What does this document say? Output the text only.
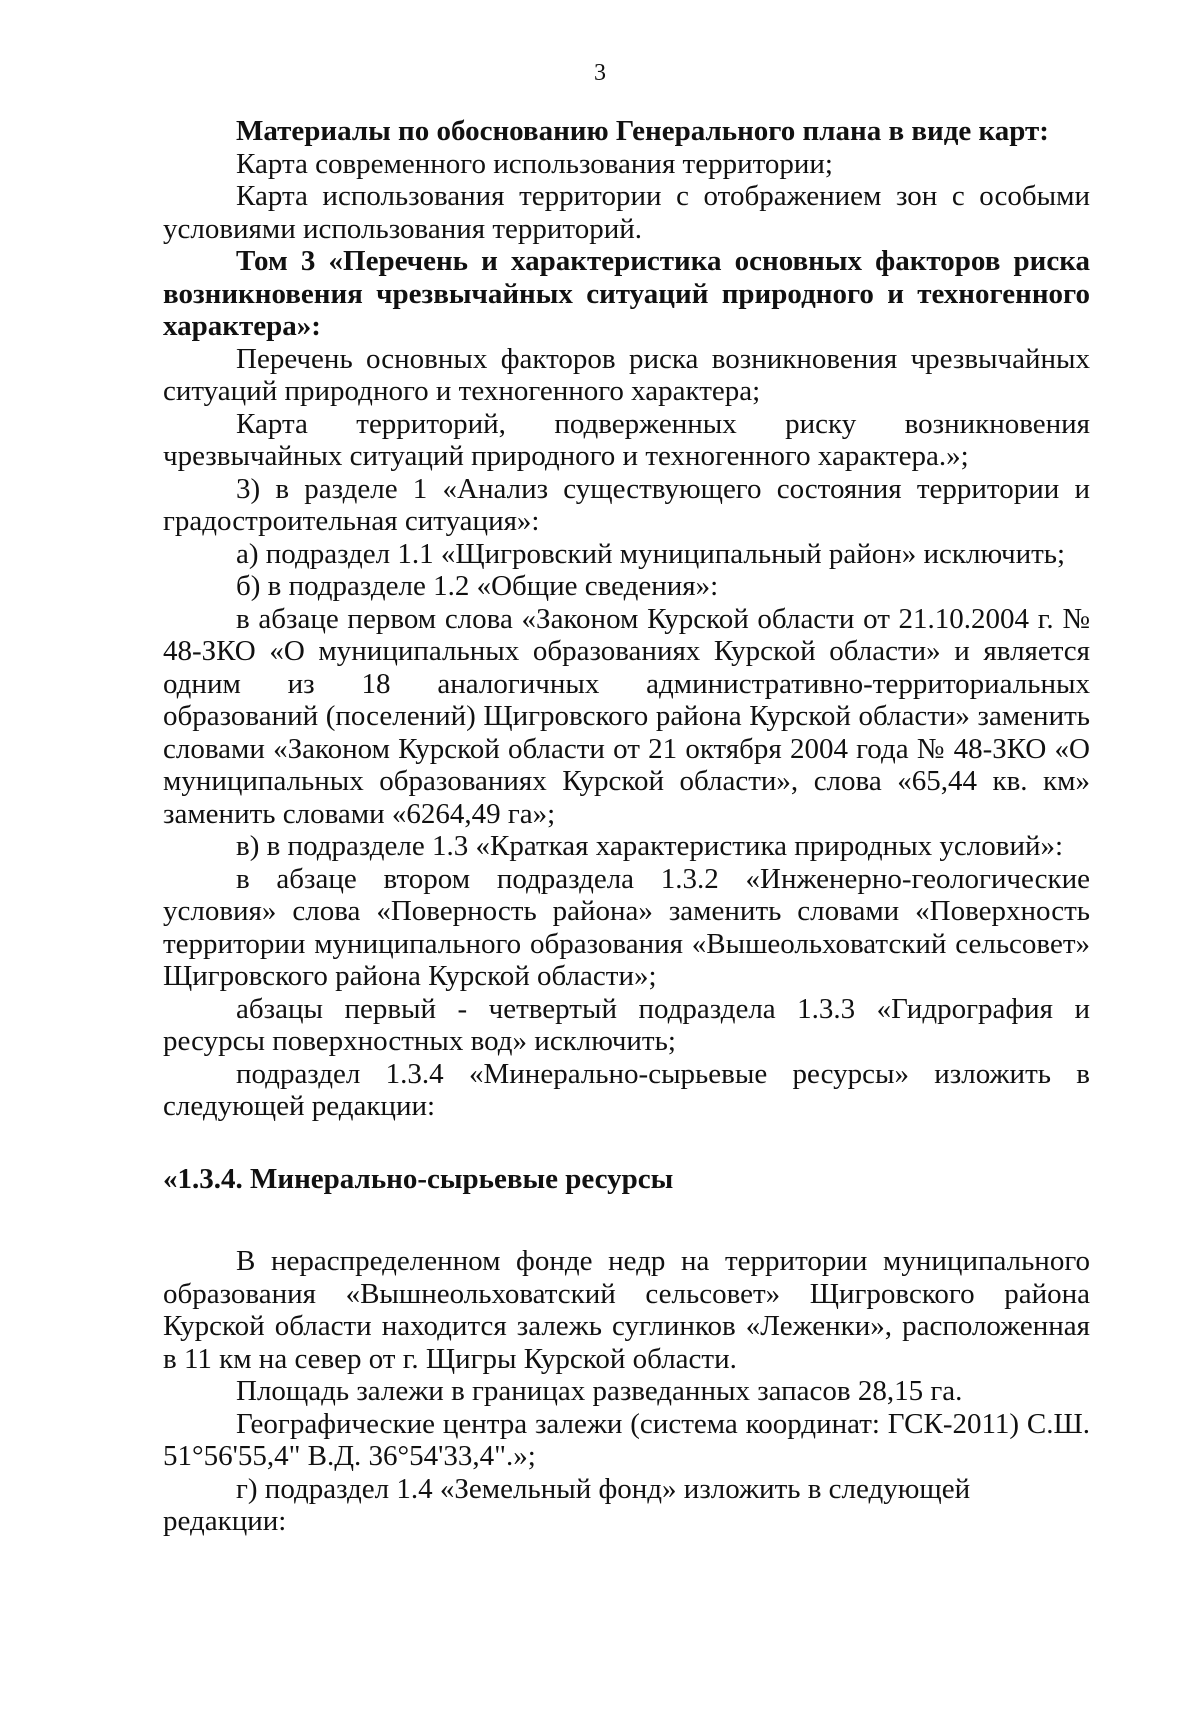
3

Материалы по обоснованию Генерального плана в виде карт:

Карта современного использования территории;

Карта использования территории с отображением зон с особыми условиями использования территорий.

Том 3 «Перечень и характеристика основных факторов риска возникновения чрезвычайных ситуаций природного и техногенного характера»:

Перечень основных факторов риска возникновения чрезвычайных ситуаций природного и техногенного характера;

Карта территорий, подверженных риску возникновения чрезвычайных ситуаций природного и техногенного характера.»;

3) в разделе 1 «Анализ существующего состояния территории и градостроительная ситуация»:

а) подраздел 1.1 «Щигровский муниципальный район» исключить;

б) в подразделе 1.2 «Общие сведения»:

в абзаце первом слова «Законом Курской области от 21.10.2004 г. № 48-ЗКО «О муниципальных образованиях Курской области» и является одним из 18 аналогичных административно-территориальных образований (поселений) Щигровского района Курской области» заменить словами «Законом Курской области от 21 октября 2004 года № 48-ЗКО «О муниципальных образованиях Курской области», слова «65,44 кв. км» заменить словами «6264,49 га»;

в) в подразделе 1.3 «Краткая характеристика природных условий»:

в абзаце втором подраздела 1.3.2 «Инженерно-геологические условия» слова «Поверность района» заменить словами «Поверхность территории муниципального образования «Вышеольховатский сельсовет» Щигровского района Курской области»;

абзацы первый - четвертый подраздела 1.3.3 «Гидрография и ресурсы поверхностных вод» исключить;

подраздел 1.3.4 «Минерально-сырьевые ресурсы» изложить в следующей редакции:

«1.3.4. Минерально-сырьевые ресурсы

В нераспределенном фонде недр на территории муниципального образования «Вышнеольховатский сельсовет» Щигровского района Курской области находится залежь суглинков «Леженки», расположенная в 11 км на север от г. Щигры Курской области.

Площадь залежи в границах разведанных запасов 28,15 га.

Географические центра залежи (система координат: ГСК-2011) С.Ш. 51°56'55,4" В.Д. 36°54'33,4".»;

г) подраздел 1.4 «Земельный фонд» изложить в следующей редакции:
